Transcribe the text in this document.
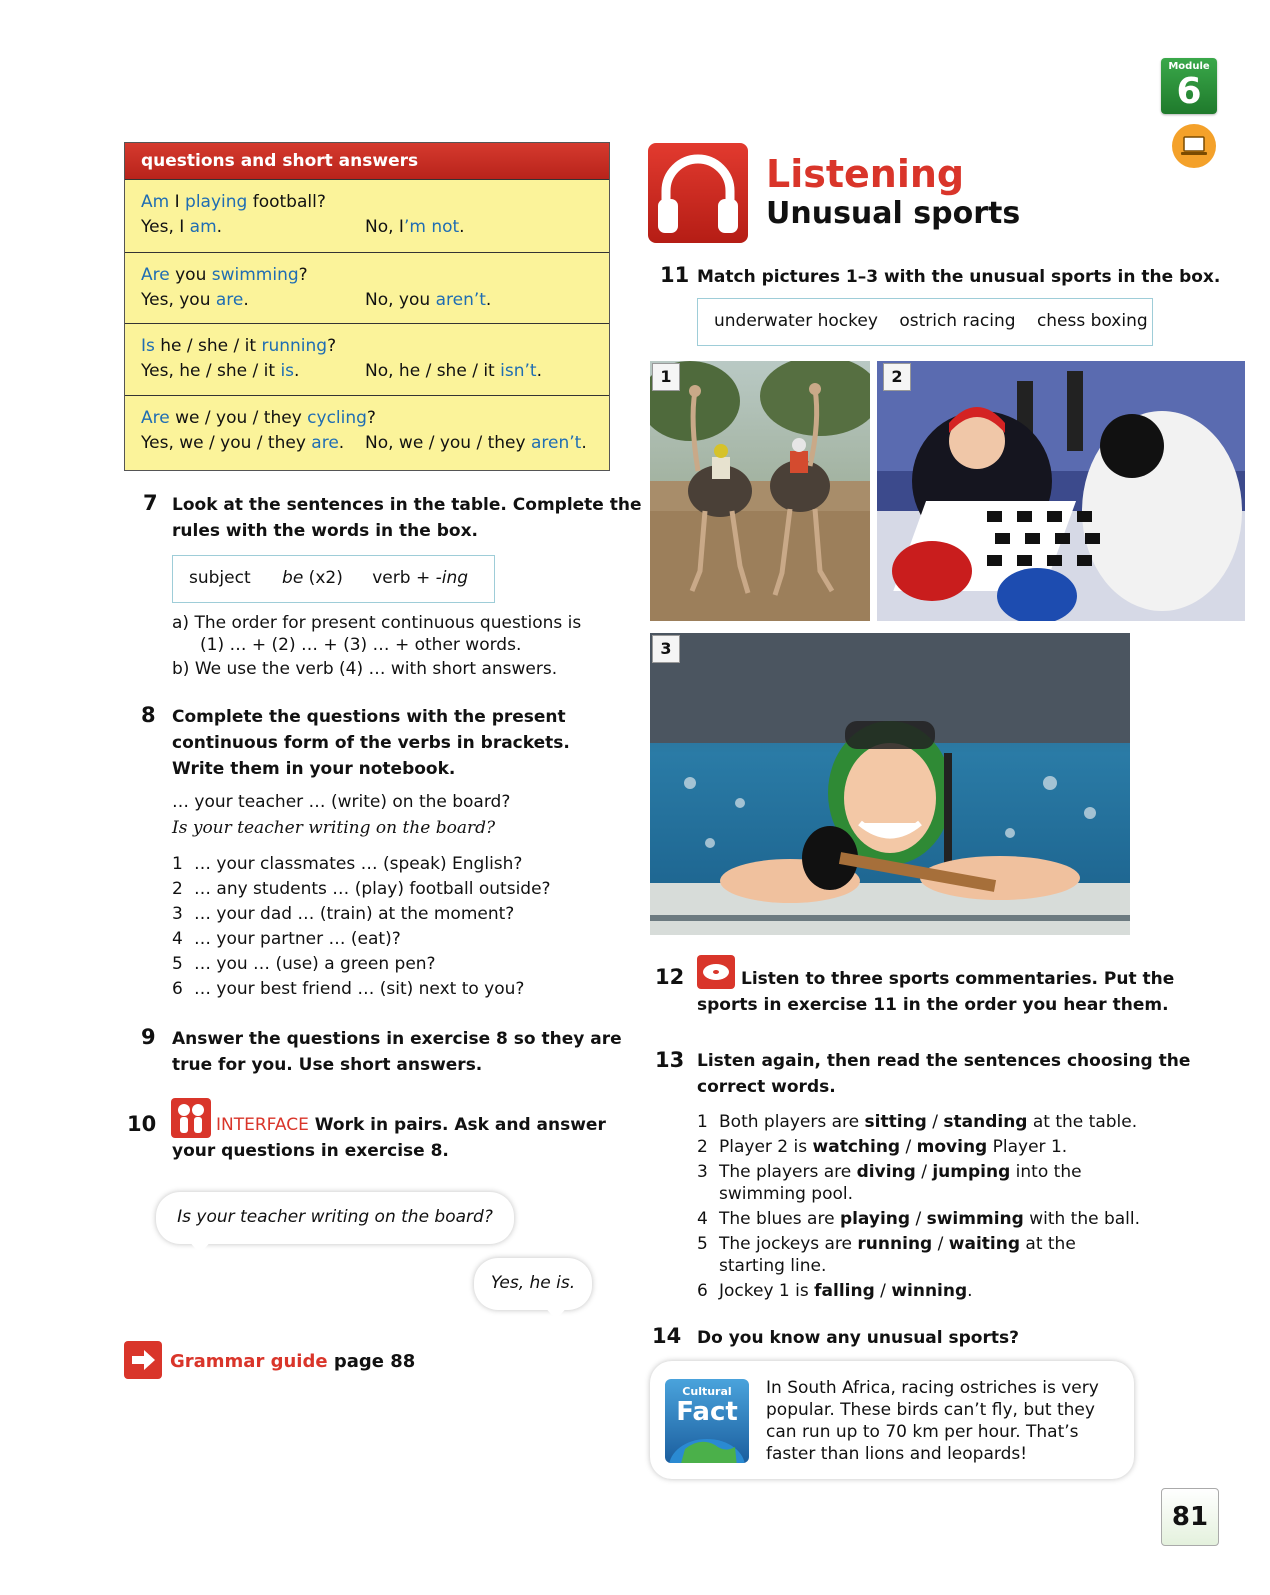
Module
6
questions and short answers
Am I playing football?
Yes, I am.	No, I’m not.
Are you swimming?
Yes, you are.	No, you aren’t.
Is he / she / it running?
Yes, he / she / it is.	No, he / she / it isn’t.
Are we / you / they cycling?
Yes, we / you / they are.	No, we / you / they aren’t.
7 Look at the sentences in the table. Complete the
rules with the words in the box.
subject be (x2) verb + -ing
a) The order for present continuous questions is
(1) … + (2) … + (3) … + other words.
b) We use the verb (4) … with short answers.
8 Complete the questions with the present
continuous form of the verbs in brackets.
Write them in your notebook.
… your teacher … (write) on the board?
Is your teacher writing on the board?
1 … your classmates … (speak) English?
2 … any students … (play) football outside?
3 … your dad … (train) at the moment?
4 … your partner … (eat)?
5 … you … (use) a green pen?
6 … your best friend … (sit) next to you?
9 Answer the questions in exercise 8 so they are
true for you. Use short answers.
10	INTERFACE Work in pairs. Ask and answer
your questions in exercise 8.
Is your teacher writing on the board?
Yes, he is.
Grammar guide page 88
Listening
Unusual sports
11 Match pictures 1–3 with the unusual sports in the box.
underwater hockey ostrich racing chess boxing
1	2
3
12	Listen to three sports commentaries. Put the
sports in exercise 11 in the order you hear them.
13 Listen again, then read the sentences choosing the
correct words.
1 Both players are sitting / standing at the table.
2 Player 2 is watching / moving Player 1.
3 The players are diving / jumping into the
swimming pool.
4 The blues are playing / swimming with the ball.
5 The jockeys are running / waiting at the
starting line.
6 Jockey 1 is falling / winning.
14 Do you know any unusual sports?
Cultural
Fact
In South Africa, racing ostriches is very
popular. These birds can’t fly, but they
can run up to 70 km per hour. That’s
faster than lions and leopards!
81
